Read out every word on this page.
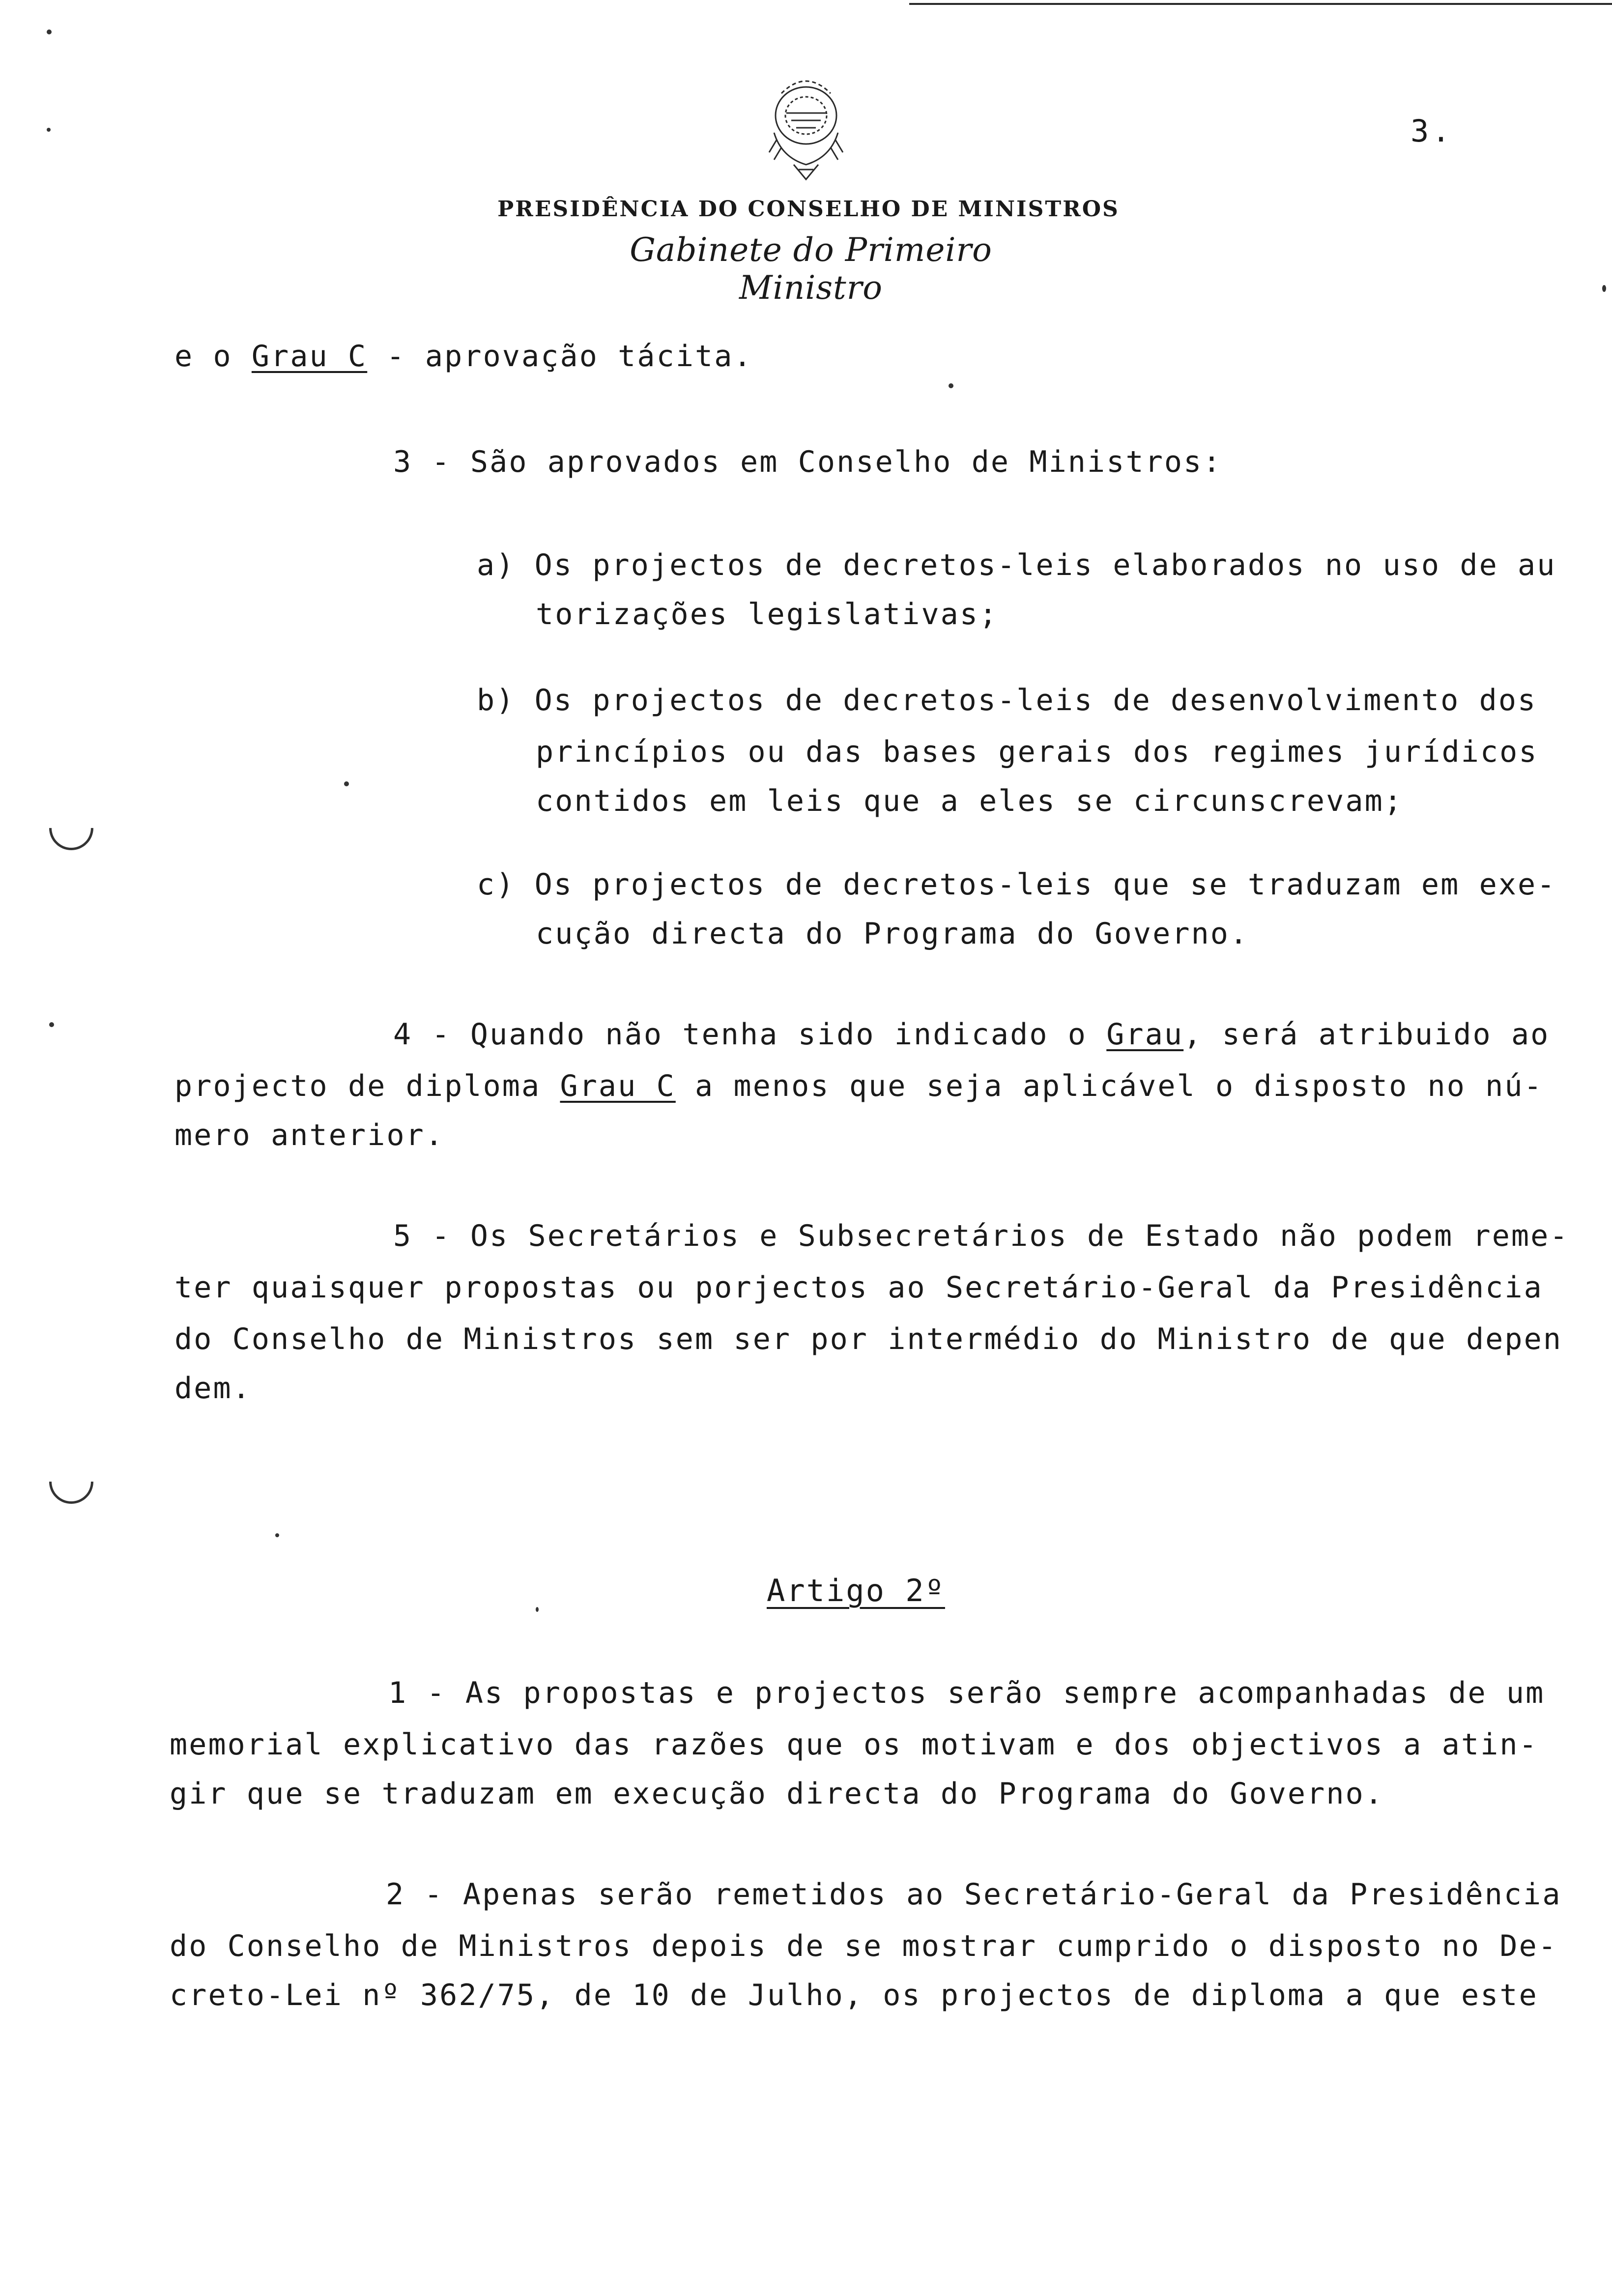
3.
PRESIDÊNCIA DO CONSELHO DE MINISTROS
Gabinete do Primeiro Ministro
e o Grau C - aprovação tácita.
3 - São aprovados em Conselho de Ministros:
a) Os projectos de decretos-leis elaborados no uso de au
torizações legislativas;
b) Os projectos de decretos-leis de desenvolvimento dos
princípios ou das bases gerais dos regimes jurídicos
contidos em leis que a eles se circunscrevam;
c) Os projectos de decretos-leis que se traduzam em exe-
cução directa do Programa do Governo.
4 - Quando não tenha sido indicado o Grau, será atribuido ao
projecto de diploma Grau C a menos que seja aplicável o disposto no nú-
mero anterior.
5 - Os Secretários e Subsecretários de Estado não podem reme-
ter quaisquer propostas ou porjectos ao Secretário-Geral da Presidência
do Conselho de Ministros sem ser por intermédio do Ministro de que depen
dem.
Artigo 2º
1 - As propostas e projectos serão sempre acompanhadas de um
memorial explicativo das razões que os motivam e dos objectivos a atin-
gir que se traduzam em execução directa do Programa do Governo.
2 - Apenas serão remetidos ao Secretário-Geral da Presidência
do Conselho de Ministros depois de se mostrar cumprido o disposto no De-
creto-Lei nº 362/75, de 10 de Julho, os projectos de diploma a que este
